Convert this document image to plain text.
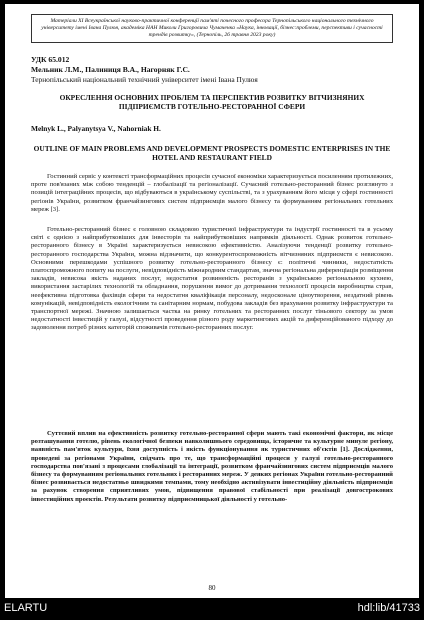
Матеріали XI Всеукраїнської науково-практичної конференції пам'яті почесного професора Тернопільського національного технічного університету імені Івана Пулюя, академіка НАН Миколи Григоровича Чумаченка «Наука, інновації, бізнес:проблеми, перспективи і сучасності трендів розвитку», (Тернопіль, 26 травня 2023 року)
УДК 65.012
Мельник Л.М., Палиниця В.А., Нагорняк Г.С.
Тернопільський національний технічний університет імені Івана Пулюя
ОКРЕСЛЕННЯ ОСНОВНИХ ПРОБЛЕМ ТА ПЕРСПЕКТИВ РОЗВИТКУ ВІТЧИЗНЯНИХ ПІДПРИЄМСТВ ГОТЕЛЬНО-РЕСТОРАННОЇ СФЕРИ
Melnyk L., Palyanytsya V., Nahorniak H.
OUTLINE OF MAIN PROBLEMS AND DEVELOPMENT PROSPECTS DOMESTIC ENTERPRISES IN THE HOTEL AND RESTAURANT FIELD

Гостинний сервіс у контексті трансформаційних процесів сучасної економіки характеризується посиленням протилежних, проте пов'язаних між собою тенденцій – глобалізації та регіоналізації. Сучасний готельно-ресторанний бізнес розглянуто з позицій інтеграційних процесів, що відбуваються в українському суспільстві, та з урахуванням його місця у сфері гостинності регіонів України, розвитком франчайзингових систем підприємців малого бізнесу та формуванням регіональних готельних мереж [3].

Готельно-ресторанний бізнес є головною складовою туристичної інфраструктури та індустрії гостинності та в усьому світі є однією з найприбутковіших для інвесторів та найприбутковіших напрямків діяльності. Однак розвиток готельно-ресторанного бізнесу в Україні характеризується невисокою ефективністю. Аналізуючи тенденції розвитку готельно-ресторанного господарства України, можна відзначити, що конкурентоспроможність вітчизняних підприємств є невисокою. Основними перешкодами успішного розвитку готельно-ресторанного бізнесу є: політичні чинники, недостатність платоспроможного попиту на послуги, невідповідність міжнародним стандартам, значна регіональна диференціація розміщення закладів, невисока якість наданих послуг, недостатня розвиненість ресторанів з українською регіональною кухнею, використання застарілих технологій та обладнання, порушення вимог до дотримання технології процесів виробництва страв, неефективна підготовка фахівців сфери та недостатня кваліфікація персоналу, недосконале ціноутворення, нездатний рівень комунікацій, невідповідність екологічним та санітарним нормам, побудова закладів без врахування розвитку інфраструктури та транспортної мережі. Значною залишається частка на ринку готельних та ресторанних послуг тіньового сектору за умов недостатності інвестицій у галузі, відсутності проведення різного роду маркетингових акцій та диференційованого підходу до задоволення потреб різних категорій споживачів готельно-ресторанних послуг.

Суттєвий вплив на ефективність розвитку готельно-ресторанної сфери мають такі економічні фактори, як місце розташування готелю, рівень екологічної безпеки навколишнього середовища, історичне та культурне минуле регіону, наявність пам'яток культури, їхня доступність і якість функціонування як туристичних об'єктів [1]. Дослідження, проведені за регіонами України, свідчать про те, що трансформаційні процеси у галузі готельно-ресторанного господарства пов'язані з процесами глобалізації та інтеграції, розвитком франчайзингових систем підприємців малого бізнесу та формуванням регіональних готельних і ресторанних мереж. У деяких регіонах України готельно-ресторанний бізнес розвивається недостатньо швидкими темпами, тому необхідно активізувати інвестиційну діяльність підприємців за рахунок створення сприятливих умов, підвищення правової стабільності при реалізації довгострокових інвестиційних проектів. Результати розвитку підприємницької діяльності у готельно-

80
ELARTU	hdl:lib/41733
